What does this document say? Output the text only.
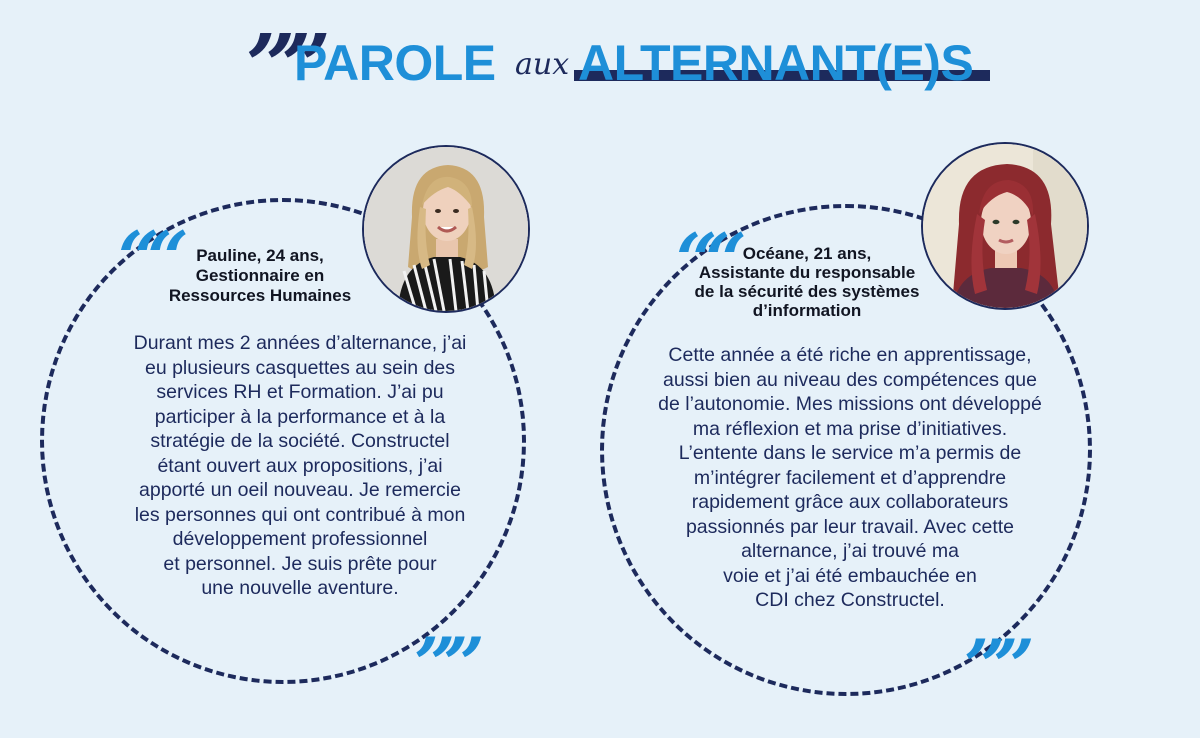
””
PAROLE aux ALTERNANT(E)S
““	Pauline, 24 ans,
Gestionnaire en
Ressources Humaines
Durant mes 2 années d’alternance, j’ai
eu plusieurs casquettes au sein des
services RH et Formation. J’ai pu
participer à la performance et à la
stratégie de la société. Constructel
étant ouvert aux propositions, j’ai
apporté un oeil nouveau. Je remercie
les personnes qui ont contribué à mon
développement professionnel
et personnel. Je suis prête pour
une nouvelle aventure.
””
““ Océane, 21 ans,
Assistante du responsable
de la sécurité des systèmes
d’information
Cette année a été riche en apprentissage,
aussi bien au niveau des compétences que
de l’autonomie. Mes missions ont développé
ma réflexion et ma prise d’initiatives.
L’entente dans le service m’a permis de
m’intégrer facilement et d’apprendre
rapidement grâce aux collaborateurs
passionnés par leur travail. Avec cette
alternance, j’ai trouvé ma
voie et j’ai été embauchée en
CDI chez Constructel.
””
